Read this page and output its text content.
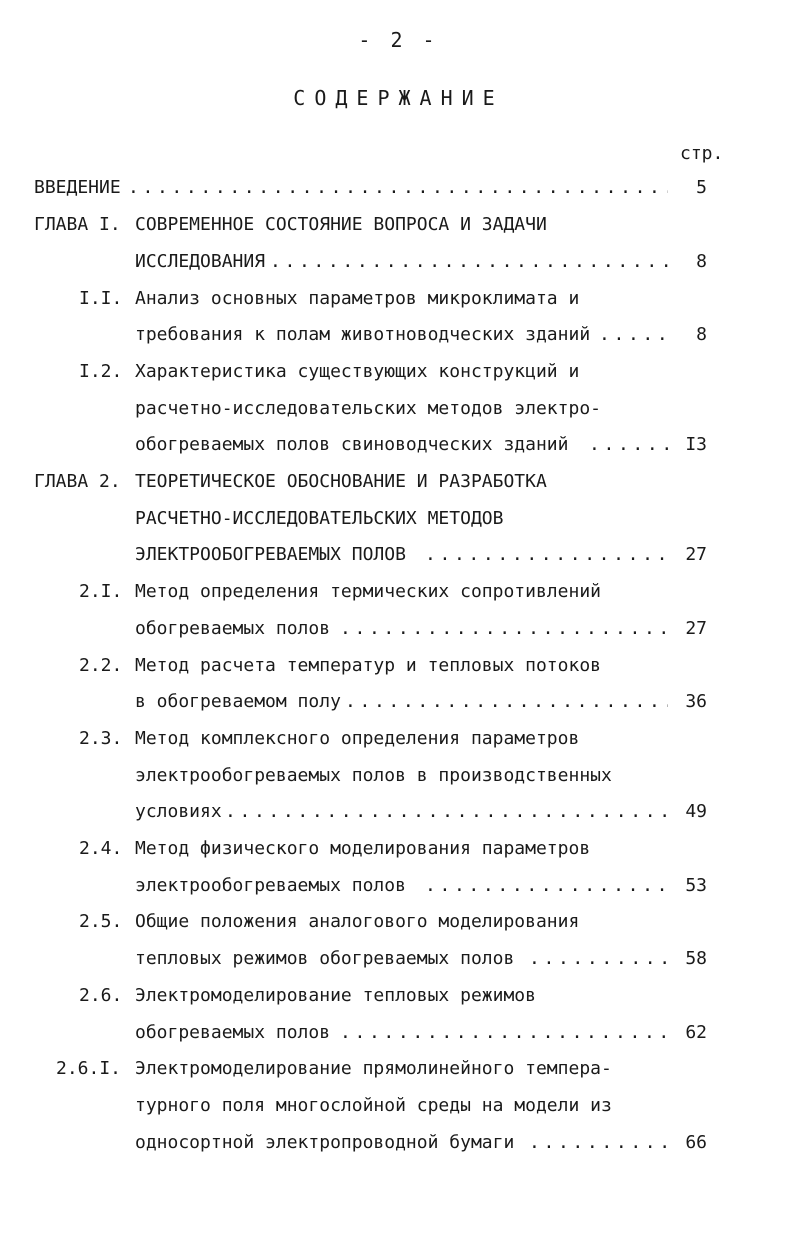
- 2 -
СОДЕРЖАНИЕ
стр.
ВВЕДЕНИЕ . . .	5
ГЛАВА I. СОВРЕМЕННОЕ СОСТОЯНИЕ ВОПРОСА И ЗАДАЧИ
ИССЛЕДОВАНИЯ . . .	8
I.I. Анализ основных параметров микроклимата и
требования к полам животноводческих зданий . . .	8
I.2. Характеристика существующих конструкций и
расчетно-исследовательских методов электро-
обогреваемых полов свиноводческих зданий . . .	I3
ГЛАВА 2. ТЕОРЕТИЧЕСКОЕ ОБОСНОВАНИЕ И РАЗРАБОТКА
РАСЧЕТНО-ИССЛЕДОВАТЕЛЬСКИХ МЕТОДОВ
ЭЛЕКТРООБОГРЕВАЕМЫХ ПОЛОВ . . .	27
2.I. Метод определения термических сопротивлений
обогреваемых полов . . .	27
2.2. Метод расчета температур и тепловых потоков
в обогреваемом полу . . .	36
2.3. Метод комплексного определения параметров
электрообогреваемых полов в производственных
условиях . . .	49
2.4. Метод физического моделирования параметров
электрообогреваемых полов . . .	53
2.5. Общие положения аналогового моделирования
тепловых режимов обогреваемых полов . . .	58
2.6. Электромоделирование тепловых режимов
обогреваемых полов . . .	62
2.6.I. Электромоделирование прямолинейного темпера-
турного поля многослойной среды на модели из
односортной электропроводной бумаги . . .	66
